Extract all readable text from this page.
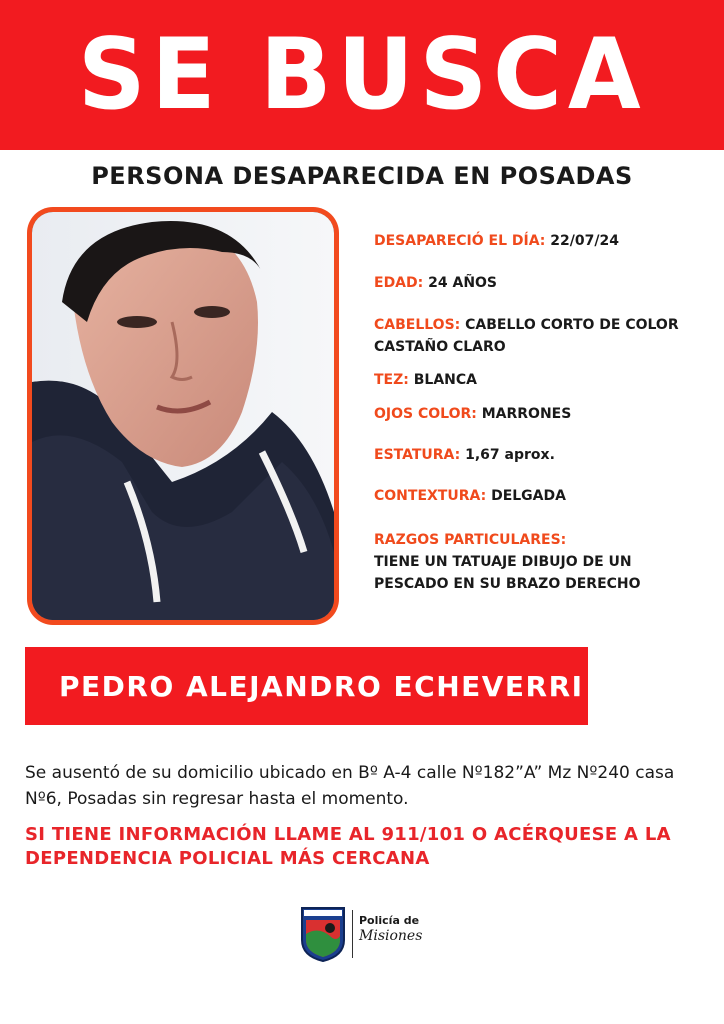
SE BUSCA
PERSONA DESAPARECIDA EN POSADAS
DESAPARECIÓ EL DÍA: 22/07/24
EDAD: 24 AÑOS
CABELLOS: CABELLO CORTO DE COLOR CASTAÑO CLARO
TEZ: BLANCA
OJOS COLOR: MARRONES
ESTATURA: 1,67 aprox.
CONTEXTURA: DELGADA
RAZGOS PARTICULARES:
TIENE UN TATUAJE DIBUJO DE UN PESCADO EN SU BRAZO DERECHO
PEDRO ALEJANDRO ECHEVERRI
Se ausentó de su domicilio ubicado en Bº A-4 calle Nº182”A” Mz Nº240 casa Nº6, Posadas sin regresar hasta el momento.
SI TIENE INFORMACIÓN LLAME AL 911/101 O ACÉRQUESE A LA DEPENDENCIA POLICIAL MÁS CERCANA
Policía de
Misiones
